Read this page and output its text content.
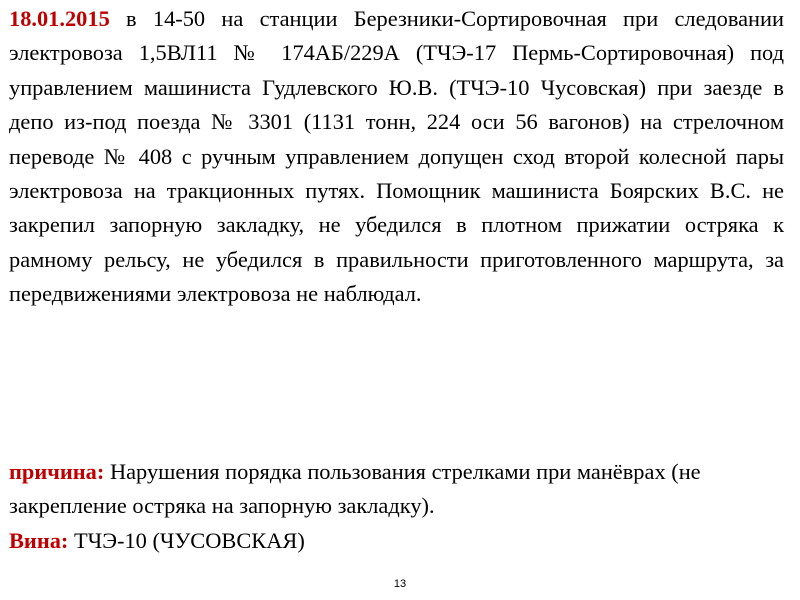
18.01.2015 в 14-50 на станции Березники-Сортировочная при следовании электровоза 1,5ВЛ11 № 174АБ/229А (ТЧЭ-17 Пермь-Сортировочная) под управлением машиниста Гудлевского Ю.В. (ТЧЭ-10 Чусовская) при заезде в депо из-под поезда № 3301 (1131 тонн, 224 оси 56 вагонов) на стрелочном переводе № 408 с ручным управлением допущен сход второй колесной пары электровоза на тракционных путях. Помощник машиниста Боярских В.С. не закрепил запорную закладку, не убедился в плотном прижатии остряка к рамному рельсу, не убедился в правильности приготовленного маршрута, за передвижениями электровоза не наблюдал.

причина: Нарушения порядка пользования стрелками при манёврах (не закрепление остряка на запорную закладку).

Вина: ТЧЭ-10 (ЧУСОВСКАЯ)

13
